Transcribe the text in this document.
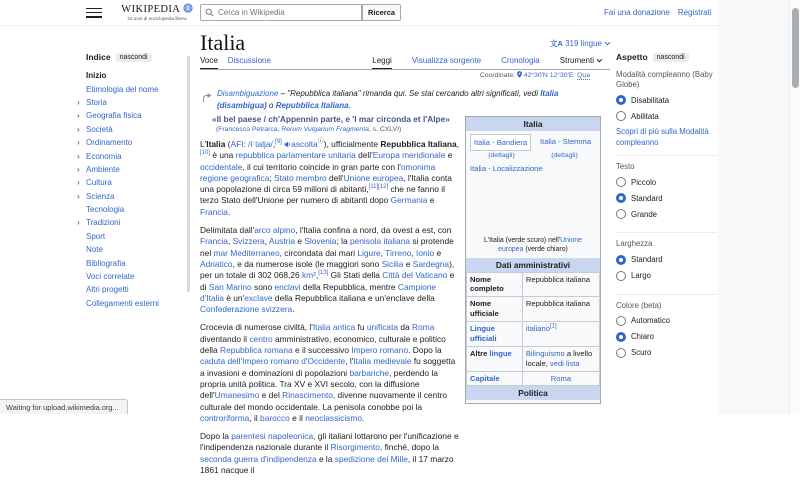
WIKIPEDIA
23 anni di enciclopedia libera
Cerca in Wikipedia	Ricerca	Fai una donazione Registrati
Indice	nascondi
Inizio
Etimologia del nome
› Storia
› Geografia fisica
› Società
› Ordinamento
› Economia
› Ambiente
› Cultura
› Scienza
Tecnologia
› Tradizioni
Sport
Note
Bibliografia
Voci correlate
Altri progetti
Collegamenti esterni
Italia	文A 319 lingue
Voce Discussione	Leggi	Visualizza sorgente	Cronologia	Strumenti
Coordinate: 42°30′N 12°30′E Qua
Disambiguazione – "Repubblica italiana" rimanda qui. Se stai cercando altri significati, vedi Italia (disambigua) o Repubblica Italiana.
«Il bel paese / ch'Appennin parte, e 'l mar circonda et l'Alpe»
(Francesco Petrarca, Rerum Vulgarium Fragmenta, s. CXLVI)
L'Italia (AFI: /iˈtalja/,[9] ascoltaⓘ), ufficialmente Repubblica Italiana,[10] è una repubblica parlamentare unitaria dell'Europa meridionale e occidentale, il cui territorio coincide in gran parte con l'omonima regione geografica; Stato membro dell'Unione europea, l'Italia conta una popolazione di circa 59 milioni di abitanti,[11][12] che ne fanno il terzo Stato dell'Unione per numero di abitanti dopo Germania e Francia.
Delimitata dall'arco alpino, l'Italia confina a nord, da ovest a est, con Francia, Svizzera, Austria e Slovenia; la penisola italiana si protende nel mar Mediterraneo, circondata dai mari Ligure, Tirreno, Ionio e Adriatico, e da numerose isole (le maggiori sono Sicilia e Sardegna), per un totale di 302 068,26 km²,[13] Gli Stati della Città del Vaticano e di San Marino sono enclavi della Repubblica, mentre Campione d'Italia è un'exclave della Repubblica italiana e un'enclave della Confederazione svizzera.
Crocevia di numerose civiltà, l'Italia antica fu unificata da Roma diventando il centro amministrativo, economico, culturale e politico della Repubblica romana e il successivo Impero romano. Dopo la caduta dell'Impero romano d'Occidente, l'Italia medievale fu soggetta a invasioni e dominazioni di popolazioni barbariche, perdendo la propria unità politica. Tra XV e XVI secolo, con la diffusione dell'Umanesimo e del Rinascimento, divenne nuovamente il centro culturale del mondo occidentale. La penisola conobbe poi la controriforma, il barocco e il neoclassicismo.
Dopo la parentesi napoleonica, gli italiani lottarono per l'unificazione e l'indipendenza nazionale durante il Risorgimento, finché, dopo la seconda guerra d'indipendenza e la spedizione dei Mille, il 17 marzo 1861 nacque il
Italia
Italia - Bandiera	Italia - Stemma
(dettagli)	(dettagli)
Italia - Localizzazione
L'Italia (verde scuro) nell'Unione europea (verde chiaro)
Dati amministrativi
Nome completo	Repubblica italiana
Nome ufficiale	Repubblica italiana
Lingue ufficiali	italiano[1]
Altre lingue	Bilinguismo a livello locale, vedi lista
Capitale	Roma
Politica
Aspetto	nascondi
Modalità compleanno (Baby Globe)
Disabilitata
Abilitata
Scopri di più sulla Modalità compleanno
Testo
Piccolo
Standard
Grande
Larghezza
Standard
Largo
Colore (beta)
Automatico
Chiaro
Scuro
Waiting for upload.wikimedia.org...
